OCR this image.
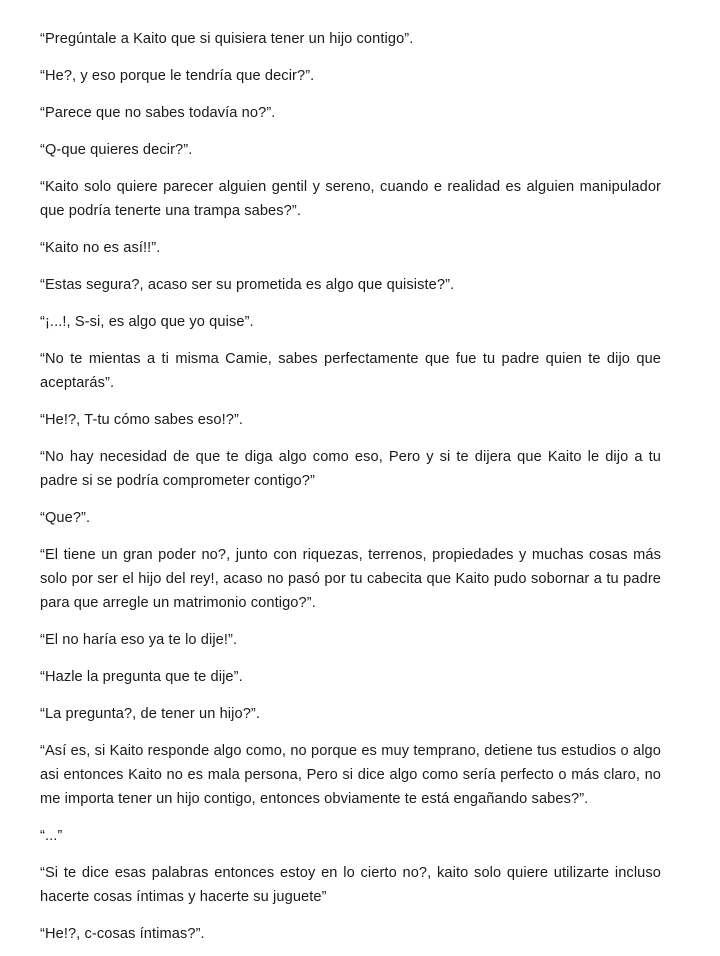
“Pregúntale a Kaito que si quisiera tener un hijo contigo”.

“He?, y eso porque le tendría que decir?”.

“Parece que no sabes todavía no?”.

“Q-que quieres decir?”.

“Kaito solo quiere parecer alguien gentil y sereno, cuando e realidad es alguien manipulador que podría tenerte una trampa sabes?”.

“Kaito no es así!!”.

“Estas segura?, acaso ser su prometida es algo que quisiste?”.

“¡...!, S-si, es algo que yo quise”.

“No te mientas a ti misma Camie, sabes perfectamente que fue tu padre quien te dijo que aceptarás”.

“He!?, T-tu cómo sabes eso!?”.

“No hay necesidad de que te diga algo como eso, Pero y si te dijera que Kaito le dijo a tu padre si se podría comprometer contigo?”

“Que?”.

“El tiene un gran poder no?, junto con riquezas, terrenos, propiedades y muchas cosas más solo por ser el hijo del rey!, acaso no pasó por tu cabecita que Kaito pudo sobornar a tu padre para que arregle un matrimonio contigo?”.

“El no haría eso ya te lo dije!”.

“Hazle la pregunta que te dije”.

“La pregunta?, de tener un hijo?”.

“Así es, si Kaito responde algo como, no porque es muy temprano, detiene tus estudios o algo asi entonces Kaito no es mala persona, Pero si dice algo como sería perfecto o más claro, no me importa tener un hijo contigo, entonces obviamente te está engañando sabes?”.

“...”

“Si te dice esas palabras entonces estoy en lo cierto no?, kaito solo quiere utilizarte incluso hacerte cosas íntimas y hacerte su juguete”

“He!?, c-cosas íntimas?”.
